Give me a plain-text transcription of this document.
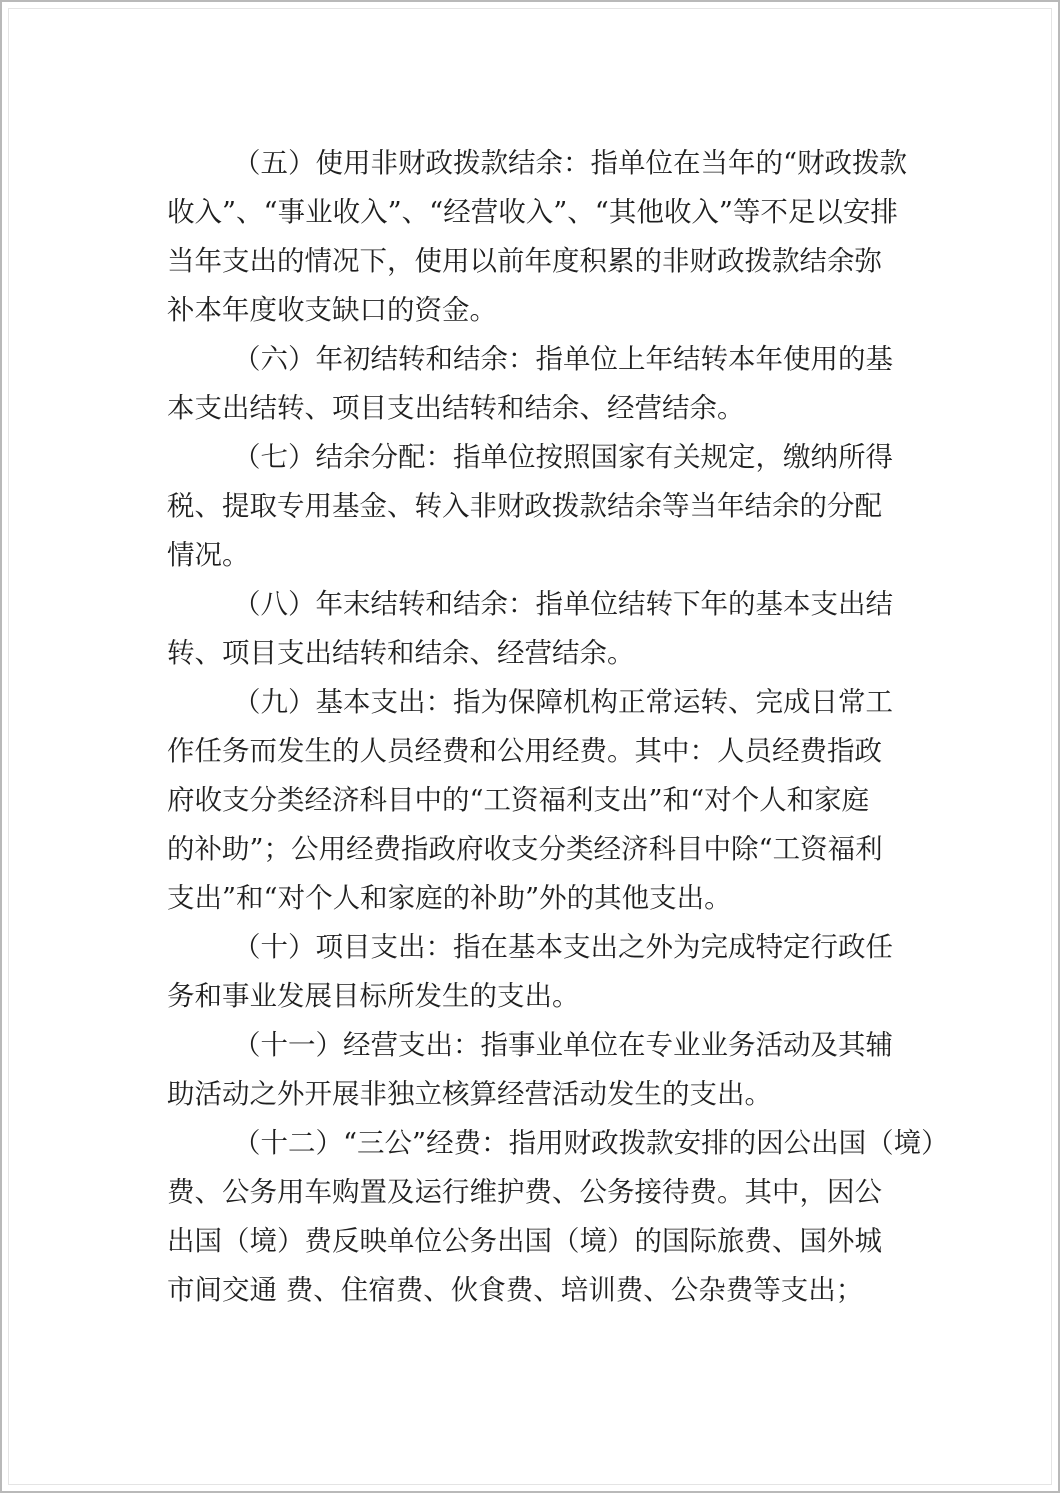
（五）使用非财政拨款结余：指单位在当年的“财政拨款
收入”、“事业收入”、“经营收入”、“其他收入”等不足以安排
当年支出的情况下，使用以前年度积累的非财政拨款结余弥
补本年度收支缺口的资金。

（六）年初结转和结余：指单位上年结转本年使用的基
本支出结转、项目支出结转和结余、经营结余。

（七）结余分配：指单位按照国家有关规定，缴纳所得
税、提取专用基金、转入非财政拨款结余等当年结余的分配
情况。

（八）年末结转和结余：指单位结转下年的基本支出结
转、项目支出结转和结余、经营结余。

（九）基本支出：指为保障机构正常运转、完成日常工
作任务而发生的人员经费和公用经费。其中：人员经费指政
府收支分类经济科目中的“工资福利支出”和“对个人和家庭
的补助”；公用经费指政府收支分类经济科目中除“工资福利
支出”和“对个人和家庭的补助”外的其他支出。

（十）项目支出：指在基本支出之外为完成特定行政任
务和事业发展目标所发生的支出。

（十一）经营支出：指事业单位在专业业务活动及其辅
助活动之外开展非独立核算经营活动发生的支出。

（十二）“三公”经费：指用财政拨款安排的因公出国（境）
费、公务用车购置及运行维护费、公务接待费。其中，因公
出国（境）费反映单位公务出国（境）的国际旅费、国外城
市间交通 费、住宿费、伙食费、培训费、公杂费等支出；
